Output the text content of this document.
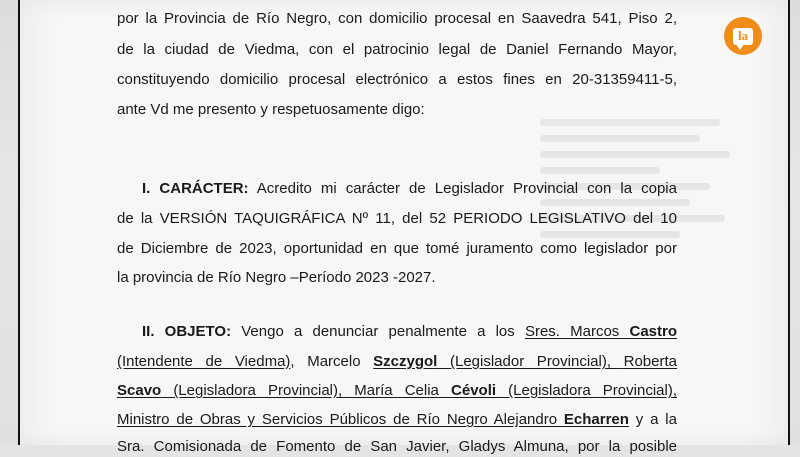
por la Provincia de Río Negro, con domicilio procesal en Saavedra 541, Piso 2,
de la ciudad de Viedma, con el patrocinio legal de Daniel Fernando Mayor,
constituyendo domicilio procesal electrónico a estos fines en 20-31359411-5,
ante Vd me presento y respetuosamente digo:
I. CARÁCTER: Acredito mi carácter de Legislador Provincial con la copia
de la VERSIÓN TAQUIGRÁFICA Nº 11, del 52 PERIODO LEGISLATIVO del 10
de Diciembre de 2023, oportunidad en que tomé juramento como legislador por
la provincia de Río Negro –Período 2023 -2027.
II. OBJETO: Vengo a denunciar penalmente a los Sres. Marcos Castro
(Intendente de Viedma), Marcelo Szczygol (Legislador Provincial), Roberta
Scavo (Legisladora Provincial), María Celia Cévoli (Legisladora Provincial),
Ministro de Obras y Servicios Públicos de Río Negro Alejandro Echarren y a la
Sra. Comisionada de Fomento de San Javier, Gladys Almuna, por la posible
la
